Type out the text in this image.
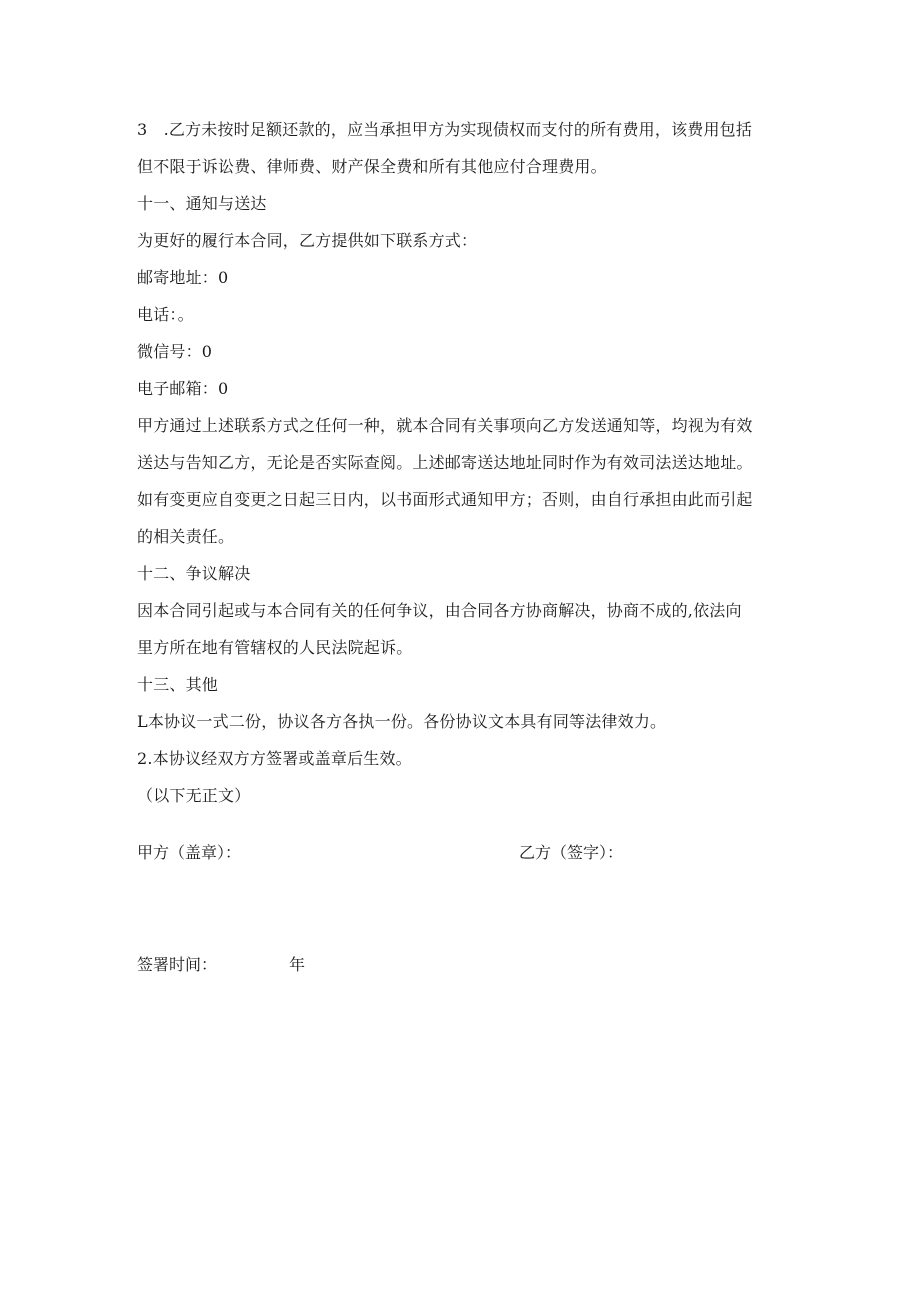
3　.乙方未按时足额还款的，应当承担甲方为实现债权而支付的所有费用，该费用包括
但不限于诉讼费、律师费、财产保全费和所有其他应付合理费用。
十一、通知与送达
为更好的履行本合同，乙方提供如下联系方式：
邮寄地址：0
电话：。
微信号：0
电子邮箱：0
甲方通过上述联系方式之任何一种，就本合同有关事项向乙方发送通知等，均视为有效
送达与告知乙方，无论是否实际查阅。上述邮寄送达地址同时作为有效司法送达地址。
如有变更应自变更之日起三日内，以书面形式通知甲方；否则，由自行承担由此而引起
的相关责任。
十二、争议解决
因本合同引起或与本合同有关的任何争议，由合同各方协商解决，协商不成的,依法向
里方所在地有管辖权的人民法院起诉。
十三、其他
L本协议一式二份，协议各方各执一份。各份协议文本具有同等法律效力。
2.本协议经双方方签署或盖章后生效。
（以下无正文）
甲方（盖章）：	乙方（签字）：
签署时间：	年
